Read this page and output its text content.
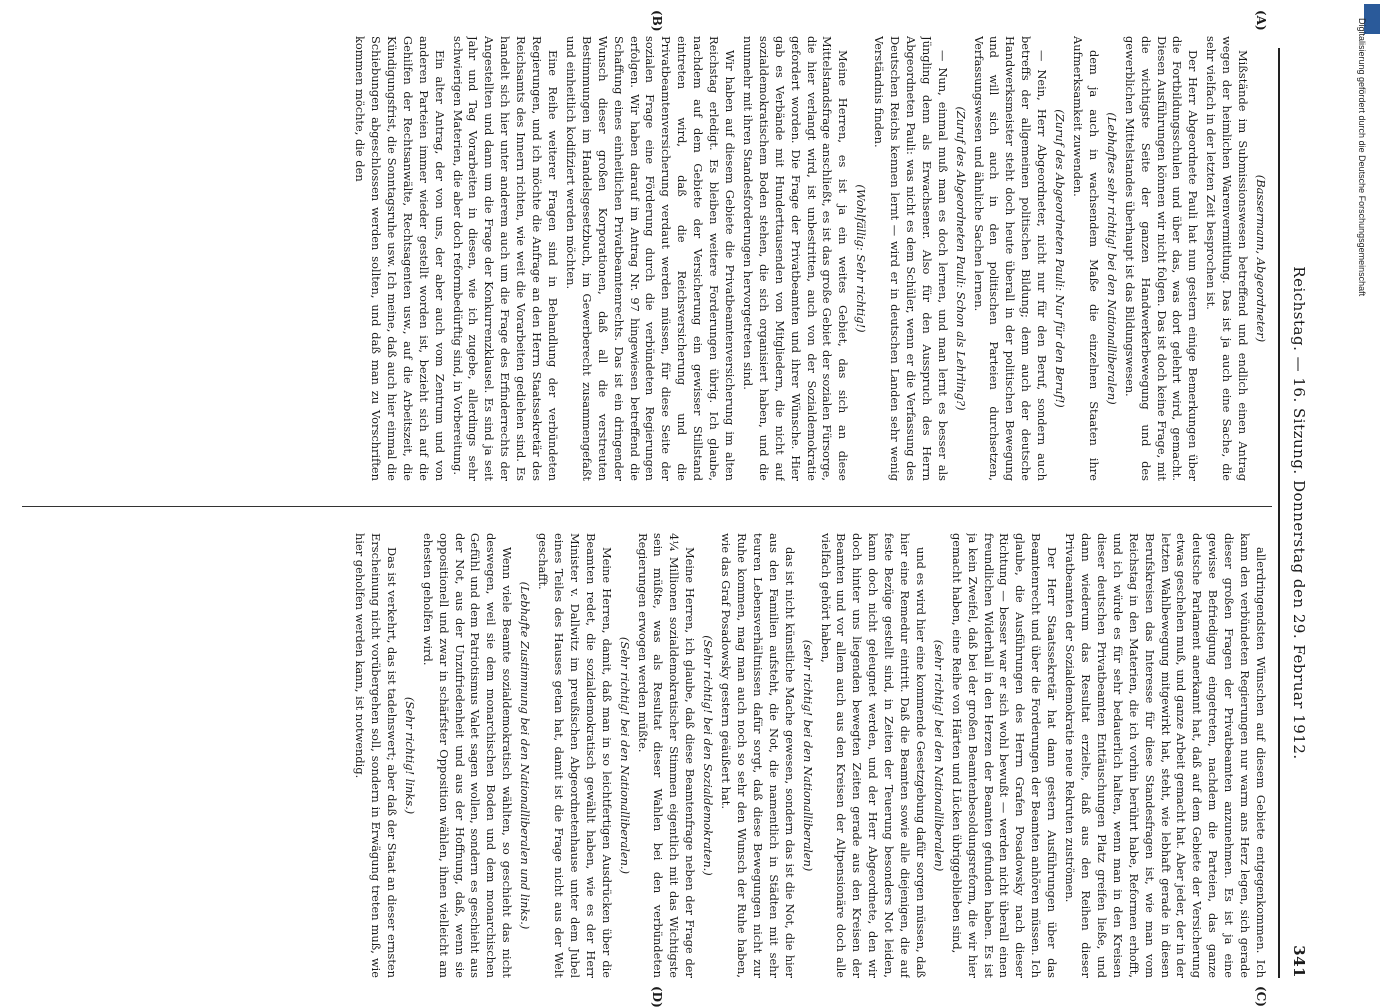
Reichstag. — 16. Sitzung. Donnerstag den 29. Februar 1912.
341
(A)
(B)
(C)
(D)

(Bassermann, Abgeordneter)

Mißstände im Submissionswesen betreffend und endlich einen Antrag wegen der heimlichen Warenvermittlung. Das ist ja auch eine Sache, die sehr vielfach in der letzten Zeit besprochen ist.

Der Herr Abgeordnete Pauli hat nun gestern einige Bemerkungen über die Fortbildungsschulen und über das, was dort gelehrt wird, gemacht. Diesen Ausführungen können wir nicht folgen. Das ist doch keine Frage, mit die wichtigste Seite der ganzen Handwerkerbewegung und des gewerblichen Mittelstandes überhaupt ist das Bildungswesen.

(Lebhaftes sehr richtig! bei den Nationalliberalen)

dem ja auch in wachsendem Maße die einzelnen Staaten ihre Aufmerksamkeit zuwenden.

(Zuruf des Abgeordneten Pauli: Nur für den Beruf!)

— Nein, Herr Abgeordneter, nicht nur für den Beruf, sondern auch betreffs der allgemeinen politischen Bildung; denn auch der deutsche Handwerksmeister steht doch heute überall in der politischen Bewegung und will sich auch in den politischen Parteien durchsetzen, Verfassungswesen und ähnliche Sachen lernen.

(Zuruf des Abgeordneten Pauli: Schon als Lehrling?)

— Nun, einmal muß man es doch lernen, und man lernt es besser als Jüngling denn als Erwachsener. Also für den Ausspruch des Herrn Abgeordneten Pauli: was nicht es dem Schüler, wenn er die Verfassung des Deutschen Reichs kennen lernt — wird er in deutschen Landen sehr wenig Verständnis finden.

(Wohlfällig: Sehr richtig!)

Meine Herren, es ist ja ein weites Gebiet, das sich an diese Mittelstandsfrage anschließt, es ist das große Gebiet der sozialen Fürsorge, die hier verlangt wird, ist unbestritten, auch von der Sozialdemokratie gefordert worden. Die Frage der Privatbeamten und ihrer Wünsche. Hier gab es Verbände mit Hunderttausenden von Mitgliedern, die nicht auf sozialdemokratischem Boden stehen, die sich organisiert haben, und die nunmehr mit ihren Standesforderungen hervorgetreten sind.

Wir haben auf diesem Gebiete die Privatbeamtenversicherung im alten Reichstag erledigt. Es bleiben weitere Forderungen übrig. Ich glaube, nachdem auf dem Gebiete der Versicherung ein gewisser Stillstand eintreten wird, daß die Reichsversicherung und die Privatbeamtenversicherung verdaut werden müssen, für diese Seite der sozialen Frage eine Förderung durch die verbündeten Regierungen erfolgen. Wir haben darauf im Antrag Nr. 97 hingewiesen betreffend die Schaffung eines einheitlichen Privatbeamtenrechts. Das ist ein dringender Wunsch dieser großen Korporationen, daß all die verstreuten Bestimmungen im Handelsgesetzbuch, im Gewerberecht zusammengefaßt und einheitlich kodifiziert werden möchten.

Eine Reihe weiterer Fragen sind in Behandlung der verbündeten Regierungen, und ich möchte die Anfrage an den Herrn Staatssekretär des Reichsamts des Innern richten, wie weit die Vorarbeiten gediehen sind. Es handelt sich hier unter anderem auch um die Frage des Erfinderrechts der Angestellten und dann um die Frage der Konkurrenzklausel. Es sind ja seit Jahr und Tag Vorarbeiten in diesen, wie ich zugebe, allerdings sehr schwierigen Materien, die aber doch reformbedürftig sind, in Vorbereitung.

Ein alter Antrag, der von uns, der aber auch vom Zentrum und von anderen Parteien immer wieder gestellt worden ist, bezieht sich auf die Gehilfen der Rechtsanwälte, Rechtsagenten usw., auf die Arbeitszeit, die Kündigungsfrist, die Sonntagsruhe usw. Ich meine, daß auch hier einmal die Schiebungen abgeschlossen werden sollten, und daß man zu Vorschriften kommen möchte, die den

allerdringendsten Wünschen auf diesem Gebiete entgegenkommen. Ich kann den verbündeten Regierungen nur warm ans Herz legen, sich gerade dieser großen Fragen der Privatbeamten anzunehmen. Es ist ja eine gewisse Befriedigung eingetreten, nachdem die Parteien, das ganze deutsche Parlament anerkannt hat, daß auf dem Gebiete der Versicherung etwas geschehen muß, und ganze Arbeit gemacht hat. Aber jeder, der in der letzten Wahlbewegung mitgewirkt hat, steht, wie lebhaft gerade in diesen Berufskreisen das Interesse für diese Standesfragen ist, wie man vom Reichstag in den Materien, die ich vorhin berührt habe, Reformen erhofft, und ich würde es für sehr bedauerlich halten, wenn man in den Kreisen dieser deutschen Privatbeamten Enttäuschungen Platz greifen ließe, und dann wiederum das Resultat erzielte, daß aus den Reihen dieser Privatbeamten der Sozialdemokratie neue Rekruten zuströmen.

Der Herr Staatssekretär hat dann gestern Ausführungen über das Beamtenrecht und über die Forderungen der Beamten anhören müssen. Ich glaube, die Ausführungen des Herrn Grafen Posadowsky nach dieser Richtung — besser war er sich wohl bewußt — werden nicht überall einen freundlichen Widerhall in den Herzen der Beamten gefunden haben. Es ist ja kein Zweifel, daß bei der großen Beamtenbesoldungsreform, die wir hier gemacht haben, eine Reihe von Härten und Lücken übriggeblieben sind,

(sehr richtig! bei den Nationalliberalen)

und es wird hier eine kommende Gesetzgebung dafür sorgen müssen, daß hier eine Remedur eintritt. Daß die Beamten sowie alle diejenigen, die auf feste Bezüge gestellt sind, in Zeiten der Teuerung besonders Not leiden, kann doch nicht geleugnet werden, und der Herr Abgeordnete, den wir doch hinter uns liegenden bewegten Zeiten gerade aus den Kreisen der Beamten und vor allem auch aus den Kreisen der Altpensionäre doch alle vielfach gehört haben,

(sehr richtig! bei den Nationalliberalen)

das ist nicht künstliche Mache gewesen, sondern das ist die Not, die hier aus den Familien aufsteht, die Not, die namentlich in Städten mit sehr teuren Lebensverhältnissen dafür sorgt, daß diese Bewegungen nicht zur Ruhe kommen, mag man auch noch so sehr den Wunsch der Ruhe haben, wie das Graf Posadowsky gestern geäußert hat.

(Sehr richtig! bei den Sozialdemokraten.)

Meine Herren, ich glaube, daß diese Beamtenfrage neben der Frage der 4¼ Millionen sozialdemokratischer Stimmen eigentlich mit das Wichtigste sein müßte, was als Resultat dieser Wahlen bei den verbündeten Regierungen erwogen werden müßte.

(Sehr richtig! bei den Nationalliberalen.)

Meine Herren, damit, daß man in so leichtfertigen Ausdrücken über die Beamten redet, die sozialdemokratisch gewählt haben, wie es der Herr Minister v. Dallwitz im preußischen Abgeordnetenhause unter dem Jubel eines Teiles des Hauses getan hat, damit ist die Frage nicht aus der Welt geschafft.

(Lebhafte Zustimmung bei den Nationalliberalen und links.)

Wenn viele Beamte sozialdemokratisch wählten, so geschieht das nicht deswegen, weil sie dem monarchischen Boden und dem monarchischen Gefühl und dem Patriotismus Valet sagen wollen, sondern es geschieht aus der Not, aus der Unzufriedenheit und aus der Hoffnung, daß, wenn sie oppositionell und zwar in schärfster Opposition wählen, ihnen vielleicht am ehesten geholfen wird.

(Sehr richtig! links.)

Das ist verkehrt, das ist tadelnswert; aber daß der Staat an dieser ernsten Erscheinung nicht vorübergehen soll, sondern in Erwägung treten muß, wie hier geholfen werden kann, ist notwendig.

Digitalisierung gefördert durch die Deutsche Forschungsgemeinschaft
